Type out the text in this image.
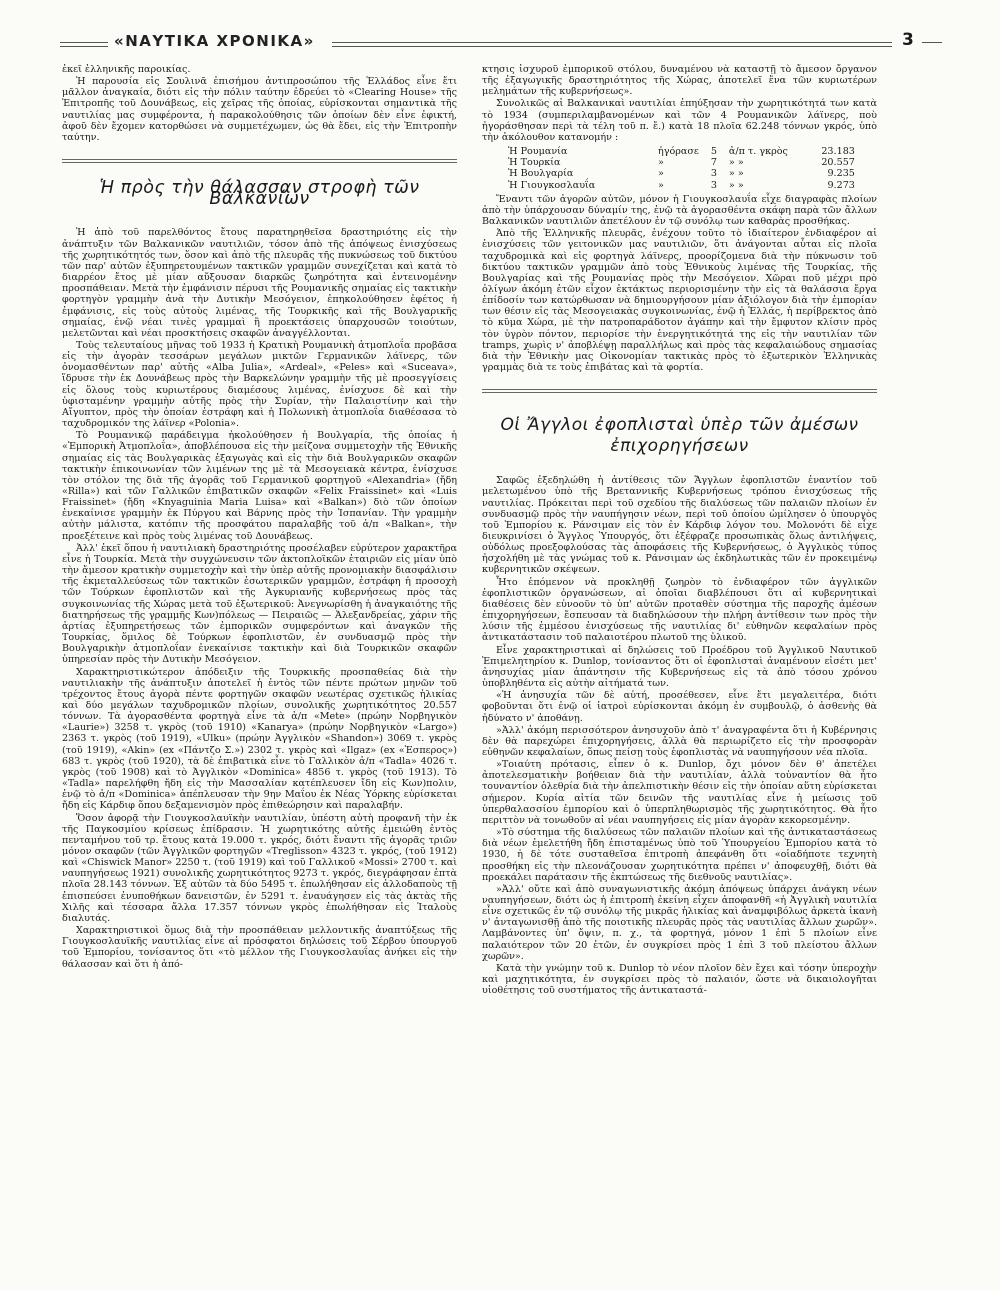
«ΝΑΥΤΙΚΑ ΧΡΟΝΙΚΑ»	3

ἐκεῖ ἑλληνικῆς παροικίας.

Ἡ παρουσία εἰς Σουλινᾶ ἐπισήμου ἀντιπροσώπου τῆς Ἑλλάδος εἶνε ἔτι μᾶλλον ἀναγκαία, διότι εἰς τὴν πόλιν ταύτην ἐδρεύει τὸ «Clearing House» τῆς Ἐπιτροπῆς τοῦ Δουνάβεως, εἰς χεῖρας τῆς ὁποίας, εὑρίσκονται σημαντικὰ τῆς ναυτιλίας μας συμφέροντα, ἡ παρακολούθησις τῶν ὁποίων δὲν εἶνε ἐφικτή, ἀφοῦ δὲν ἔχομεν κατορθώσει νὰ συμμετέχωμεν, ὡς θὰ ἔδει, εἰς τὴν Ἐπιτροπὴν ταύτην.

Ἡ πρὸς τὴν θάλασσαν στροφὴ τῶν Βαλκανίων

Ἡ ἀπὸ τοῦ παρελθόντος ἔτους παρατηρηθεῖσα δραστηριότης εἰς τὴν ἀνάπτυξιν τῶν Βαλκανικῶν ναυτιλιῶν, τόσον ἀπὸ τῆς ἀπόψεως ἐνισχύσεως τῆς χωρητικότητός των, ὅσον καὶ ἀπὸ τῆς πλευρᾶς τῆς πυκνώσεως τοῦ δικτύου τῶν παρ' αὐτῶν ἐξυπηρετουμένων τακτικῶν γραμμῶν συνεχίζεται καὶ κατὰ τὸ διαρρέον ἔτος μὲ μίαν αὔξουσαν διαρκῶς ζωηρότητα καὶ ἐντεινομένην προσπάθειαν. Μετὰ τὴν ἐμφάνισιν πέρυσι τῆς Ρουμανικῆς σημαίας εἰς τακτικὴν φορτηγὸν γραμμὴν ἀνὰ τὴν Δυτικὴν Μεσόγειον, ἐπηκολούθησεν ἐφέτος ἡ ἐμφάνισις, εἰς τοὺς αὐτοὺς λιμένας, τῆς Τουρκικῆς καὶ τῆς Βουλγαρικῆς σημαίας, ἐνῷ νέαι τινὲς γραμμαὶ ἢ προεκτάσεις ὑπαρχουσῶν τοιούτων, μελετῶνται καὶ νέαι προσκτήσεις σκαφῶν ἀναγγέλλονται.

Τοὺς τελευταίους μῆνας τοῦ 1933 ἡ Κρατικὴ Ρουμανικὴ ἀτμοπλοΐα προβᾶσα εἰς τὴν ἀγορὰν τεσσάρων μεγάλων μικτῶν Γερμανικῶν λάϊνερς, τῶν ὀνομασθέντων παρ' αὐτῆς «Alba Julia», «Ardeal», «Peles» καὶ «Suceava», ἵδρυσε τὴν ἐκ Δουνάβεως πρὸς τὴν Βαρκελώνην γραμμὴν τῆς μὲ προσεγγίσεις εἰς ὅλους τοὺς κυριωτέρους διαμέσους λιμένας, ἐνίσχυσε δὲ καὶ τὴν ὑφισταμένην γραμμὴν αὐτῆς πρὸς τὴν Συρίαν, τὴν Παλαιστίνην καὶ τὴν Αἴγυπτον, πρὸς τὴν ὁποίαν ἐστράφη καὶ ἡ Πολωνικὴ ἀτμοπλοΐα διαθέσασα τὸ ταχυδρομικόν της λάϊνερ «Polonia».

Τὸ Ρουμανικῷ παράδειγμα ἠκολούθησεν ἡ Βουλγαρία, τῆς ὁποίας ἡ «Ἐμπορικὴ Ἀτμοπλοΐα», ἀποβλέπουσα εἰς τὴν μείζονα συμμετοχὴν τῆς Ἐθνικῆς σημαίας εἰς τὰς Βουλγαρικὰς ἐξαγωγὰς καὶ εἰς τὴν διὰ Βουλγαρικῶν σκαφῶν τακτικὴν ἐπικοινωνίαν τῶν λιμένων της μὲ τὰ Μεσογειακὰ κέντρα, ἐνίσχυσε τὸν στόλον της διὰ τῆς ἀγορᾶς τοῦ Γερμανικοῦ φορτηγοῦ «Alexandria» (ἤδη «Rilla») καὶ τῶν Γαλλικῶν ἐπιβατικῶν σκαφῶν «Felix Fraissinet» καὶ «Luis Fraissinet» (ἤδη «Knyaguinia Maria Luisa» καὶ «Balkan») διὸ τῶν ὁποίων ἐνεκαίνισε γραμμὴν ἐκ Πύργου καὶ Βάρνης πρὸς τὴν Ἱσπανίαν. Τὴν γραμμὴν αὐτὴν μάλιστα, κατόπιν τῆς προσφάτου παραλαβῆς τοῦ ἀ/π «Balkan», τὴν προεξέτεινε καὶ πρὸς τοὺς λιμένας τοῦ Δουνάβεως.

Ἀλλ' ἐκεῖ ὅπου ἡ ναυτιλιακὴ δραστηριότης προσέλαβεν εὐρύτερον χαρακτῆρα εἶνε ἡ Τουρκία. Μετὰ τὴν συγχώνευσιν τῶν ἀκτοπλοϊκῶν ἑταιριῶν εἰς μίαν ὑπὸ τὴν ἄμεσον κρατικὴν συμμετοχὴν καὶ τὴν ὑπὲρ αὐτῆς προνομιακὴν διασφάλισιν τῆς ἐκμεταλλεύσεως τῶν τακτικῶν ἐσωτερικῶν γραμμῶν, ἐστράφη ἡ προσοχὴ τῶν Τούρκων ἐφοπλιστῶν καὶ τῆς Ἀγκυριανῆς κυβερνήσεως πρὸς τὰς συγκοινωνίας τῆς Χώρας μετὰ τοῦ ἐξωτερικοῦ: Ἀνεγνωρίσθη ἡ ἀναγκαιότης τῆς διατηρήσεως τῆς γραμμῆς Κων)πόλεως — Πειραιῶς — Ἀλεξανδρείας, χάριν τῆς ἀρτίας ἐξυπηρετήσεως τῶν ἐμπορικῶν συμφερόντων καὶ ἀναγκῶν τῆς Τουρκίας, ὅμιλος δὲ Τούρκων ἐφοπλιστῶν, ἐν συνδυασμῷ πρὸς τὴν Βουλγαρικὴν ἀτμοπλοΐαν ἐνεκαίνισε τακτικὴν καὶ διὰ Τουρκικῶν σκαφῶν ὑπηρεσίαν πρὸς τὴν Δυτικὴν Μεσόγειον.

Χαρακτηριστικώτερον ἀπόδειξιν τῆς Τουρκικῆς προσπαθείας διὰ τὴν ναυτιλιακὴν τῆς ἀνάπτυξιν ἀποτελεῖ ἡ ἐντὸς τῶν πέντε πρώτων μηνῶν τοῦ τρέχοντος ἔτους ἀγορὰ πέντε φορτηγῶν σκαφῶν νεωτέρας σχετικῶς ἡλικίας καὶ δύο μεγάλων ταχυδρομικῶν πλοίων, συνολικῆς χωρητικότητος 20.557 τόννων. Τὰ ἀγορασθέντα φορτηγὰ εἶνε τὰ ἀ/π «Mete» (πρώην Νορβηγικὸν «Laurie») 3258 τ. γκρὸς (τοῦ 1910) «Kanarya» (πρώην Νορβηγικὸν «Largo») 2363 τ. γκρὸς (τοῦ 1919), «Ulku» (πρώην Ἀγγλικὸν «Shandon») 3069 τ. γκρὸς (τοῦ 1919), «Akin» (ex «Πάντζο Σ.») 2302 τ. γκρὸς καὶ «Ilgaz» (ex «Ἐσπερος») 683 τ. γκρὸς (τοῦ 1920), τὰ δὲ ἐπιβατικὰ εἶνε τὸ Γαλλικὸν ἀ/π «Tadla» 4026 τ. γκρὸς (τοῦ 1908) καὶ τὸ Ἀγγλικὸν «Dominica» 4856 τ. γκρὸς (τοῦ 1913). Τὸ «Tadla» παρελήφθη ἤδη εἰς τὴν Μασσαλίαν κατέπλευσεν ἴδη εἰς Κων)πολιν, ἐνῷ τὸ ἀ/π «Dominica» ἀπέπλευσαν τὴν 9ην Μαΐου ἐκ Νέας Ὑόρκης εὑρίσκεται ἤδη εἰς Κάρδιφ ὅπου δεξαμενισμὸν πρὸς ἐπιθεώρησιν καὶ παραλαβήν.

Ὅσον ἀφορᾷ τὴν Γιουγκοσλαυϊκὴν ναυτιλίαν, ὑπέστη αὐτὴ προφανῆ τὴν ἐκ τῆς Παγκοσμίου κρίσεως ἐπίδρασιν. Ἡ χωρητικότης αὐτῆς ἐμειώθη ἐντὸς πενταμήνου τοῦ τρ. ἔτους κατὰ 19.000 τ. γκρός, διότι ἔναντι τῆς ἀγορᾶς τριῶν μόνον σκαφῶν (τῶν Ἀγγλικῶν φορτηγῶν «Treglisson» 4323 τ. γκρός, (τοῦ 1912) καὶ «Chiswick Manor» 2250 τ. (τοῦ 1919) καὶ τοῦ Γαλλικοῦ «Mossi» 2700 τ. καὶ ναυπηγήσεως 1921) συνολικῆς χωρητικότητος 9273 τ. γκρός, διεγράφησαν ἑπτὰ πλοῖα 28.143 τόννων. Ἐξ αὐτῶν τὰ δύο 5495 τ. ἐπωλήθησαν εἰς ἀλλοδαποὺς τῇ ἐπισπεύσει ἐνυποθήκων δανειστῶν, ἐν 5291 τ. ἐναυάγησεν εἰς τὰς ἀκτὰς τῆς Χιλῆς καὶ τέσσαρα ἄλλα 17.357 τόννων γκρὸς ἐπωλήθησαν εἰς Ἰταλοὺς διαλυτάς.

Χαρακτηριστικοὶ ὅμως διὰ τὴν προσπάθειαν μελλοντικῆς ἀναπτύξεως τῆς Γιουγκοσλαυϊκῆς ναυτιλίας εἶνε αἱ πρόσφατοι δηλώσεις τοῦ Σέρβου ὑπουργοῦ τοῦ Ἐμπορίου, τονίσαντος ὅτι «τὸ μέλλον τῆς Γιουγκοσλαυΐας ἀνήκει εἰς τὴν θάλασσαν καὶ ὅτι ἡ ἀπό-

κτησις ἰσχυροῦ ἐμπορικοῦ στόλου, δυναμένου νὰ καταστῇ τὸ ἄμεσον ὄργανον τῆς ἐξαγωγικῆς δραστηριότητος τῆς Χώρας, ἀποτελεῖ ἕνα τῶν κυριωτέρων μελημάτων τῆς κυβερνήσεως».

Συνολικῶς αἱ Βαλκανικαὶ ναυτιλίαι ἐπηύξησαν τὴν χωρητικότητά των κατὰ τὸ 1934 (συμπεριλαμβανομένων καὶ τῶν 4 Ρουμανικῶν λάϊνερς, ποὺ ἠγοράσθησαν περὶ τὰ τέλη τοῦ π. ἔ.) κατὰ 18 πλοῖα 62.248 τόννων γκρός, ὑπὸ τὴν ἀκόλουθον κατανομήν :

Ἡ Ρουμανία	ἠγόρασε	5	ἀ/π τ. γκρὸς	23.183
Ἡ Τουρκία	»	7	» »	20.557
Ἡ Βουλγαρία	»	3	» »	9.235
Ἡ Γιουγκοσλαυΐα	»	3	» »	9.273

Ἔναντι τῶν ἀγορῶν αὐτῶν, μόνον ἡ Γιουγκοσλαυΐα εἶχε διαγραφὰς πλοίων ἀπὸ τὴν ὑπάρχουσαν δύναμίν της, ἐνῷ τὰ ἀγορασθέντα σκάφη παρὰ τῶν ἄλλων Βαλκανικῶν ναυτιλιῶν ἀπετέλουν ἐν τῷ συνόλῳ των καθαρὰς προσθήκας.

Ἀπὸ τῆς Ἑλληνικῆς πλευρᾶς, ἐνέχουν τοῦτο τὸ ἰδιαίτερον ἐνδιαφέρον αἱ ἐνισχύσεις τῶν γειτονικῶν μας ναυτιλιῶν, ὅτι ἀνάγονται αὗται εἰς πλοῖα ταχυδρομικὰ καὶ εἰς φορτηγὰ λάϊνερς, προορίζομενα διὰ τὴν πύκνωσιν τοῦ δικτύου τακτικῶν γραμμῶν ἀπὸ τοὺς Ἐθνικοὺς λιμένας τῆς Τουρκίας, τῆς Βουλγαρίας καὶ τῆς Ρουμανίας πρὸς τὴν Μεσόγειον. Χῶραι ποῦ μέχρι πρὸ ὀλίγων ἀκόμη ἐτῶν εἶχον ἐκτάκτως περιορισμένην τὴν εἰς τὰ θαλάσσια ἔργα ἐπίδοσίν των κατώρθωσαν νὰ δημιουργήσουν μίαν ἀξιόλογον διὰ τὴν ἐμπορίαν των θέσιν εἰς τὰς Μεσογειακὰς συγκοινωνίας, ἐνῷ ἡ Ἑλλάς, ἡ περίβρεκτος ἀπὸ τὸ κῦμα Χώρα, μὲ τὴν πατροπαράδοτον ἀγάπην καὶ τὴν ἔμφυτον κλίσιν πρὸς τὸν ὑγρὸν πόντον, περιορίσε τὴν ἐνεργητικότητά της εἰς τὴν ναυτιλίαν τῶν tramps, χωρὶς ν' ἀποβλέψῃ παραλλήλως καὶ πρὸς τὰς κεφαλαιώδους σημασίας διὰ τὴν Ἐθνικὴν μας Οἰκονομίαν τακτικὰς πρὸς τὸ ἐξωτερικὸν Ἑλληνικὰς γραμμὰς διὰ τε τοὺς ἐπιβάτας καὶ τὰ φορτία.

Οἱ Ἄγγλοι ἐφοπλισταὶ ὑπὲρ τῶν ἀμέσων ἐπιχορηγήσεων

Σαφῶς ἐξεδηλώθη ἡ ἀντίθεσις τῶν Ἄγγλων ἐφοπλιστῶν ἐναντίον τοῦ μελετωμένου ὑπὸ τῆς Βρεταννικῆς Κυβερνήσεως τρόπου ἐνισχύσεως τῆς ναυτιλίας. Πρόκειται περὶ τοῦ σχεδίου τῆς διαλύσεως τῶν παλαιῶν πλοίων ἐν συνδυασμῷ πρὸς τὴν ναυπήγησιν νέων, περὶ τοῦ ὁποίου ὡμίλησεν ὁ ὑπουργὸς τοῦ Ἐμπορίου κ. Ράνσιμαν εἰς τὸν ἐν Κάρδιφ λόγον του. Μολονότι δὲ εἶχε διευκρινίσει ὁ Ἄγγλος Ὑπουργός, ὅτι ἐξέφραζε προσωπικὰς ὅλως ἀντιλήψεις, οὐδόλως προεξοφλούσας τὰς ἀποφάσεις τῆς Κυβερνήσεως, ὁ Ἀγγλικὸς τύπος ἠσχολήθη μὲ τὰς γνώμας τοῦ κ. Ράνσιμαν ὡς ἐκδηλωτικὰς τῶν ἐν προκειμένῳ κυβερνητικῶν σκέψεων.

Ἦτο ἑπόμενον νὰ προκληθῇ ζωηρὸν τὸ ἐνδιαφέρον τῶν ἀγγλικῶν ἐφοπλιστικῶν ὀργανώσεων, αἱ ὁποῖαι διαβλέπουσι ὅτι αἱ κυβερνητικαὶ διαθέσεις δὲν εὐνοοῦν τὸ ὑπ' αὐτῶν προταθὲν σύστημα τῆς παροχῆς ἀμέσων ἐπιχορηγήσεων, ἔσπευσαν τὰ διαδηλώσουν τὴν πλήρη ἀντίθεσιν των πρὸς τὴν λύσιν τῆς ἐμμέσου ἐνισχύσεως τῆς ναυτιλίας δι' εὐθηνῶν κεφαλαίων πρὸς ἀντικατάστασιν τοῦ παλαιοτέρου πλωτοῦ της ὑλικοῦ.

Εἶνε χαρακτηριστικαὶ αἱ δηλώσεις τοῦ Προέδρου τοῦ Ἀγγλικοῦ Ναυτικοῦ Ἐπιμελητηρίου κ. Dunlop, τονίσαντος ὅτι οἱ ἐφοπλισταὶ ἀναμένουν εἰσέτι μετ' ἀνησυχίας μίαν ἀπάντησιν τῆς Κυβερνήσεως εἰς τὰ ἀπὸ τόσου χρόνου ὑποβληθέντα εἰς αὐτὴν αἰτήματά των.

«Ἡ ἀνησυχία τῶν δὲ αὐτή, προσέθεσεν, εἶνε ἔτι μεγαλειτέρα, διότι φοβοῦνται ὅτι ἐνῷ οἱ ἰατροὶ εὑρίσκονται ἀκόμη ἐν συμβουλῷ, ὁ ἀσθενὴς θὰ ἠδύνατο ν' ἀποθάνῃ.

»Ἀλλ' ἀκόμη περισσότερον ἀνησυχοῦν ἀπὸ τ' ἀναγραφέντα ὅτι ἡ Κυβέρνησις δὲν θὰ παρεχώρει ἐπιχορηγήσεις, ἀλλὰ θὰ περιωρίζετο εἰς τὴν προσφορὰν εὐθηνῶν κεφαλαίων, ὅπως πείσῃ τοὺς ἐφοπλιστὰς νὰ ναυπηγήσουν νέα πλοῖα.

»Τοιαύτη πρότασις, εἶπεν ὁ κ. Dunlop, ὄχι μόνον δὲν θ' ἀπετέλει ἀποτελεσματικὴν βοήθειαν διὰ τὴν ναυτιλίαν, ἀλλὰ τοὐναντίον θὰ ἦτο τουναντίον ὁλεθρία διὰ τὴν ἀπελπιστικὴν θέσιν εἰς τὴν ὁποίαν αὕτη εὑρίσκεται σήμερον. Κυρία αἰτία τῶν δεινῶν τῆς ναυτιλίας εἶνε ἡ μείωσις τοῦ ὑπερθαλασσίου ἐμπορίου καὶ ὁ ὑπερπληθωρισμὸς τῆς χωρητικότητος. Θὰ ἦτο περιττὸν νὰ τονωθοῦν αἱ νέαι ναυπηγήσεις εἰς μίαν ἀγορὰν κεκορεσμένην.

»Τὸ σύστημα τῆς διαλύσεως τῶν παλαιῶν πλοίων καὶ τῆς ἀντικαταστάσεως διὰ νέων ἐμελετήθη ἤδη ἐπισταμένως ὑπὸ τοῦ Ὑπουργείου Ἐμπορίου κατὰ τὸ 1930, ἡ δὲ τότε συσταθεῖσα ἐπιτροπὴ ἀπεφάνθη ὅτι «οἱαδήποτε τεχνητὴ προσθήκη εἰς τὴν πλεονάζουσαν χωρητικότητα πρέπει ν' ἀποφευχθῇ, διότι θὰ προεκάλει παράτασιν τῆς ἐκπτώσεως τῆς διεθνοῦς ναυτιλίας».

»Ἀλλ' οὔτε καὶ ἀπὸ συναγωνιστικῆς ἀκόμη ἀπόψεως ὑπάρχει ἀνάγκη νέων ναυπηγήσεων, διότι ὡς ἡ ἐπιτροπὴ ἐκείνη εἶχεν ἀποφανθῆ «ἡ Ἀγγλικὴ ναυτιλία εἶνε σχετικῶς ἐν τῷ συνόλῳ τῆς μικρᾶς ἡλικίας καὶ ἀναμφιβόλως ἀρκετὰ ἱκανὴ ν' ἀνταγωνισθῇ ἀπὸ τῆς ποιοτικῆς πλευρᾶς πρὸς τὰς ναυτιλίας ἄλλων χωρῶν». Λαμβάνοντες ὑπ' ὄψιν, π. χ., τὰ φορτηγά, μόνον 1 ἐπὶ 5 πλοίων εἶνε παλαιότερον τῶν 20 ἐτῶν, ἐν συγκρίσει πρὸς 1 ἐπὶ 3 τοῦ πλείστου ἄλλων χωρῶν».

Κατὰ τὴν γνώμην τοῦ κ. Dunlop τὸ νέον πλοῖον δὲν ἔχει καὶ τόσην ὑπεροχὴν καὶ μαχητικότητα, ἐν συγκρίσει πρὸς τὸ παλαιόν, ὥστε νὰ δικαιολογῆται υἱοθέτησις τοῦ συστήματος τῆς ἀντικαταστά-
